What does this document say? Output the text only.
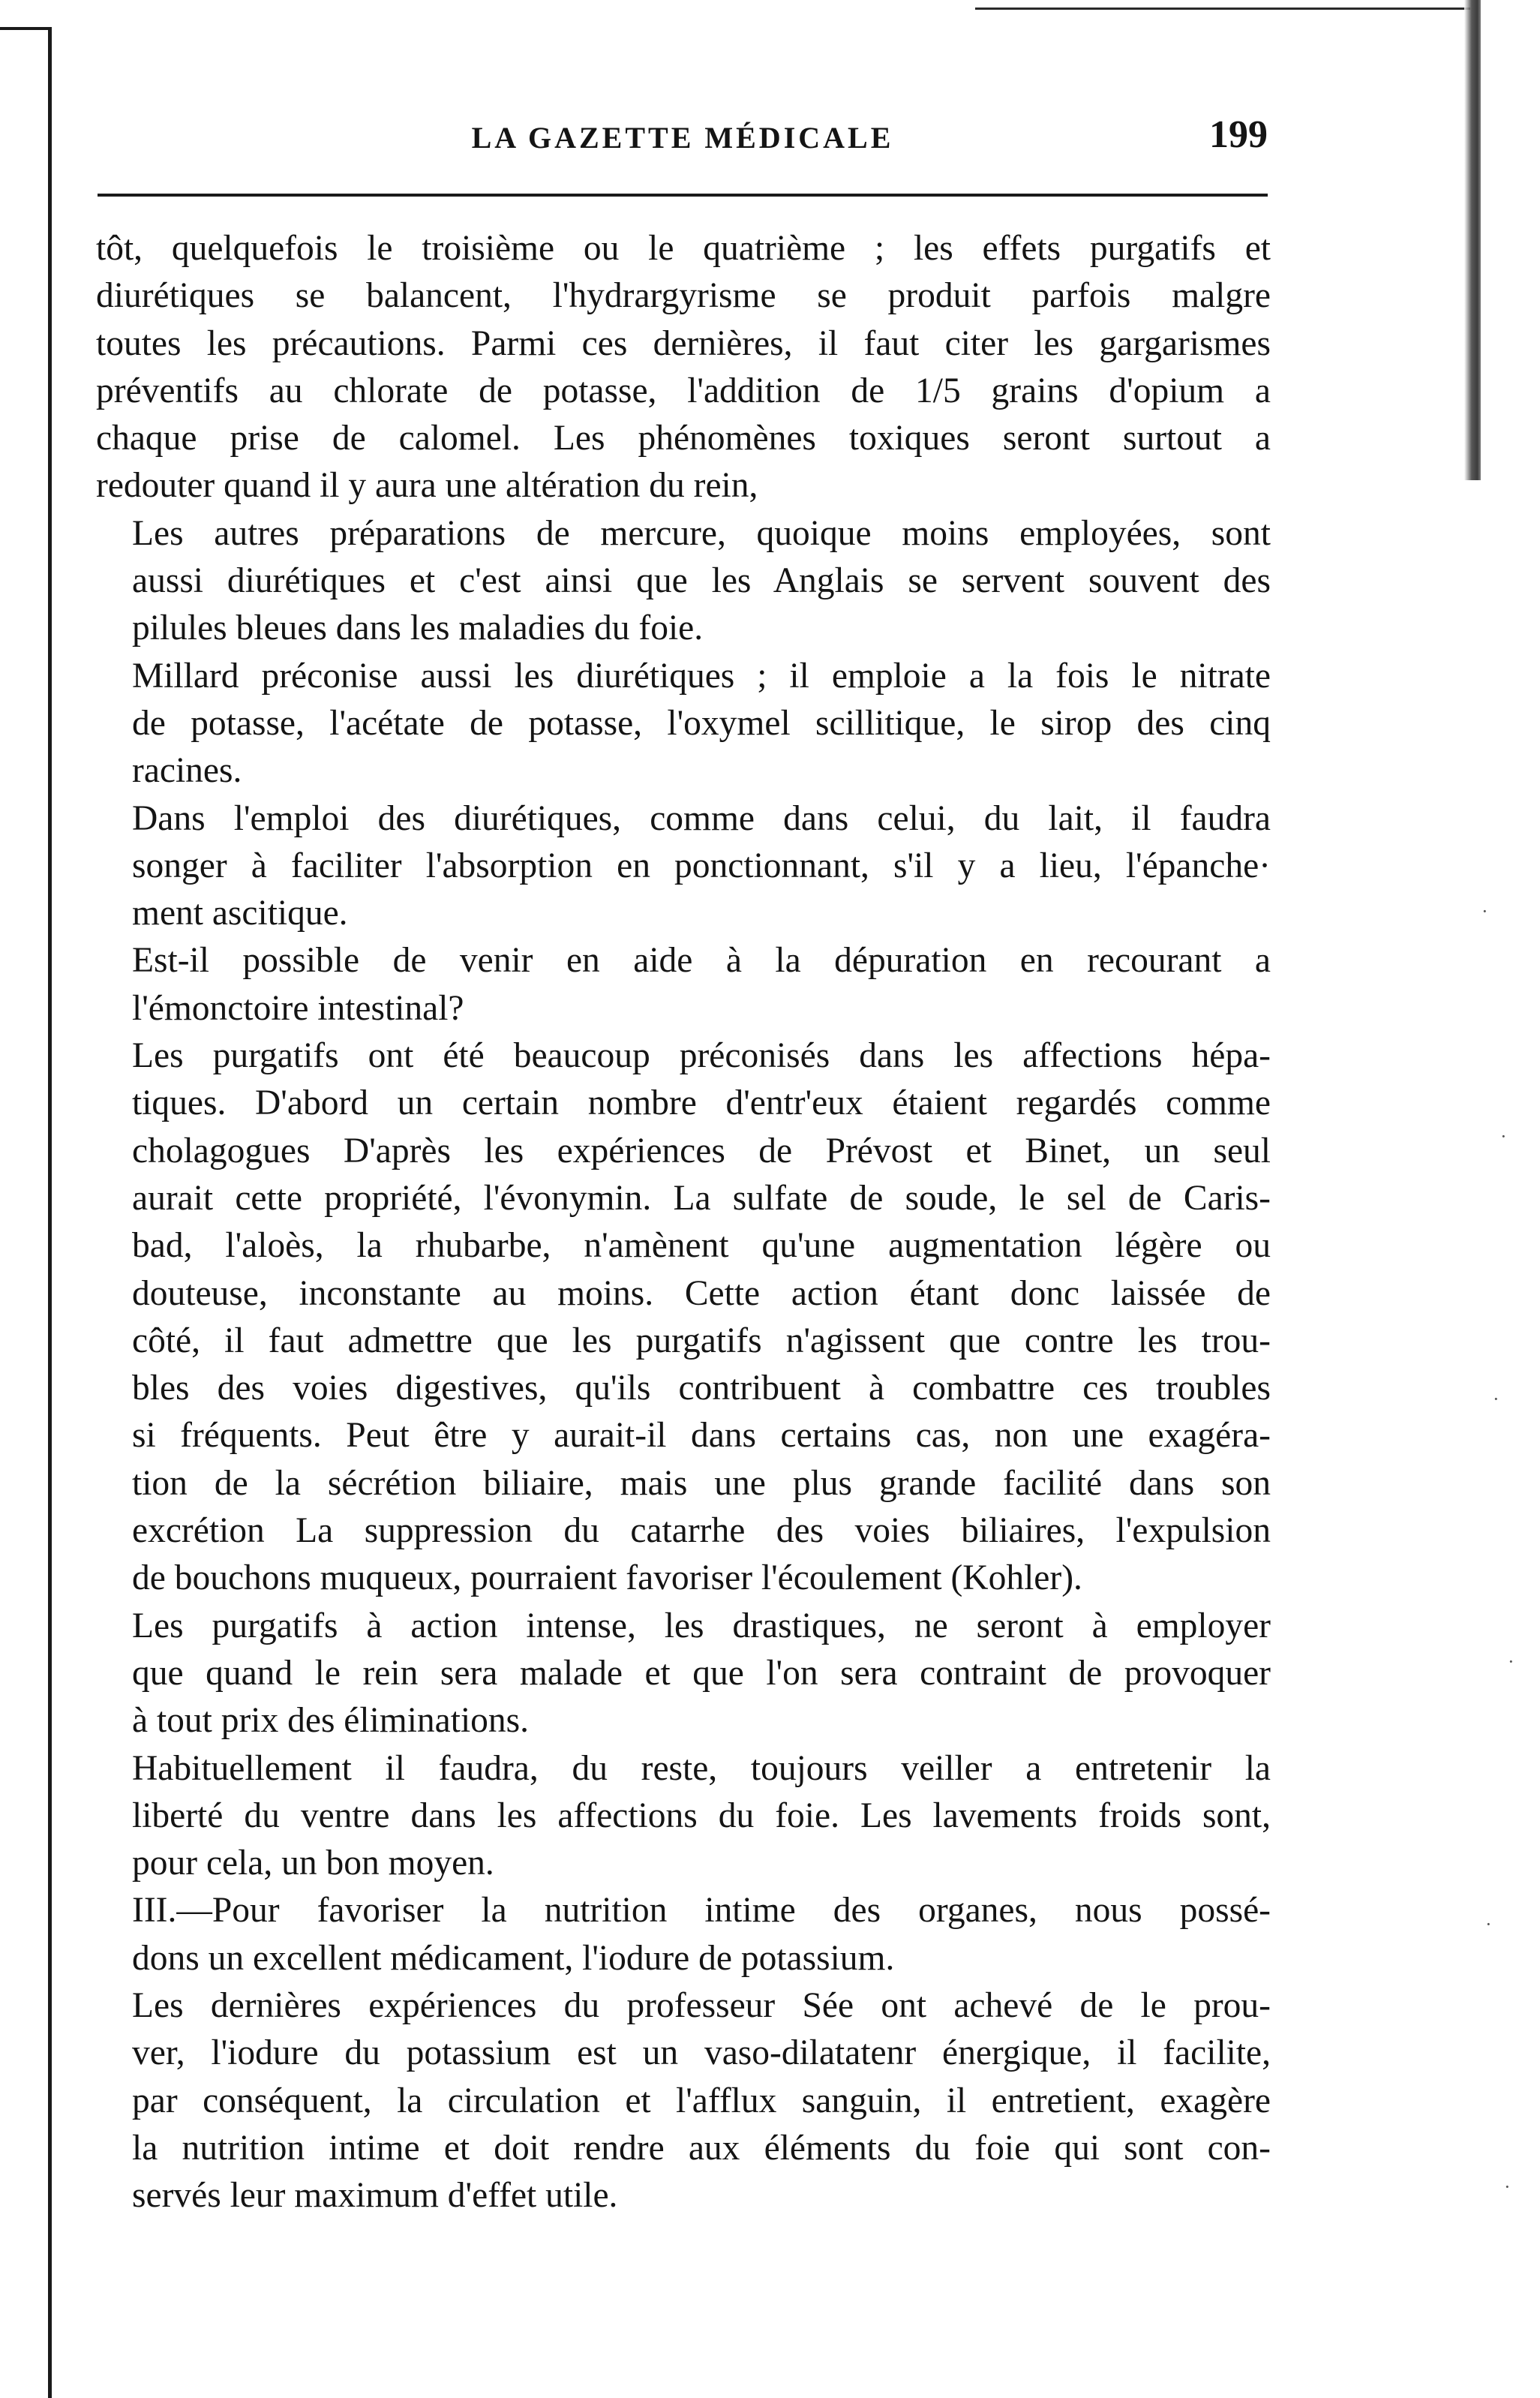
LA GAZETTE MÉDICALE	199

tôt, quelquefois le troisième ou le quatrième ; les effets purgatifs et
diurétiques se balancent, l'hydrargyrisme se produit parfois malgre
toutes les précautions. Parmi ces dernières, il faut citer les gargarismes
préventifs au chlorate de potasse, l'addition de 1/5 grains d'opium a
chaque prise de calomel. Les phénomènes toxiques seront surtout a
redouter quand il y aura une altération du rein,

Les autres préparations de mercure, quoique moins employées, sont
aussi diurétiques et c'est ainsi que les Anglais se servent souvent des
pilules bleues dans les maladies du foie.

Millard préconise aussi les diurétiques ; il emploie a la fois le nitrate
de potasse, l'acétate de potasse, l'oxymel scillitique, le sirop des cinq
racines.

Dans l'emploi des diurétiques, comme dans celui, du lait, il faudra
songer à faciliter l'absorption en ponctionnant, s'il y a lieu, l'épanche·
ment ascitique.

Est-il possible de venir en aide à la dépuration en recourant a
l'émonctoire intestinal?

Les purgatifs ont été beaucoup préconisés dans les affections hépa-
tiques. D'abord un certain nombre d'entr'eux étaient regardés comme
cholagogues D'après les expériences de Prévost et Binet, un seul
aurait cette propriété, l'évonymin. La sulfate de soude, le sel de Caris-
bad, l'aloès, la rhubarbe, n'amènent qu'une augmentation légère ou
douteuse, inconstante au moins. Cette action étant donc laissée de
côté, il faut admettre que les purgatifs n'agissent que contre les trou-
bles des voies digestives, qu'ils contribuent à combattre ces troubles
si fréquents. Peut être y aurait-il dans certains cas, non une exagéra-
tion de la sécrétion biliaire, mais une plus grande facilité dans son
excrétion La suppression du catarrhe des voies biliaires, l'expulsion
de bouchons muqueux, pourraient favoriser l'écoulement (Kohler).

Les purgatifs à action intense, les drastiques, ne seront à employer
que quand le rein sera malade et que l'on sera contraint de provoquer
à tout prix des éliminations.

Habituellement il faudra, du reste, toujours veiller a entretenir la
liberté du ventre dans les affections du foie. Les lavements froids sont,
pour cela, un bon moyen.

III.—Pour favoriser la nutrition intime des organes, nous possé-
dons un excellent médicament, l'iodure de potassium.

Les dernières expériences du professeur Sée ont achevé de le prou-
ver, l'iodure du potassium est un vaso-dilatatenr énergique, il facilite,
par conséquent, la circulation et l'afflux sanguin, il entretient, exagère
la nutrition intime et doit rendre aux éléments du foie qui sont con-
servés leur maximum d'effet utile.

·
·
·
·
·
·
